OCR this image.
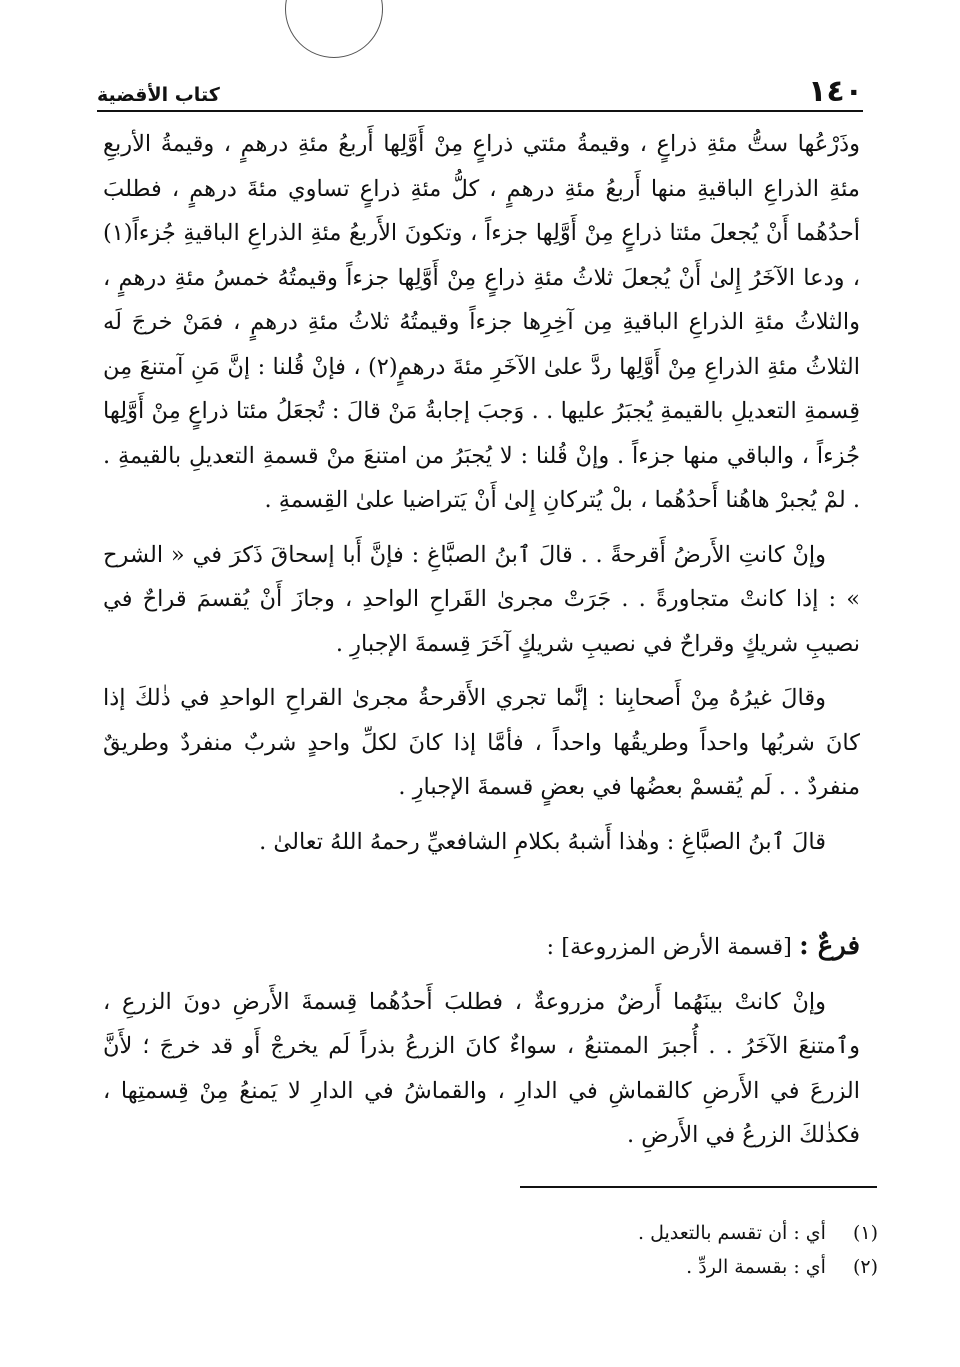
١٤٠
كتاب الأقضية

وذَرْعُها ستُّ مئةِ ذراعٍ ، وقيمةُ مئتي ذراعٍ مِنْ أَوَّلِها أَربعُ مئةِ درهمٍ ، وقيمةُ الأربعِ مئةِ الذراعِ الباقيةِ منها أَربعُ مئةِ درهمٍ ، كلُّ مئةِ ذراعٍ تساوي مئةَ درهمٍ ، فطلبَ أحدُهُما أَنْ يُجعلَ مئتا ذراعٍ مِنْ أَوَّلِها جزءاً ، وتكونَ الأَربعُ مئةِ الذراعِ الباقيةِ جُزءاً(١) ، ودعا الآخَرُ إِلىٰ أَنْ يُجعلَ ثلاثُ مئةِ ذراعٍ مِنْ أَوَّلِها جزءاً وقيمتُهُ خمسُ مئةِ درهمٍ ، والثلاثُ مئةِ الذراعِ الباقيةِ مِن آخِرِها جزءاً وقيمتُهُ ثلاثُ مئةِ درهمٍ ، فمَنْ خرجَ لَه الثلاثُ مئةِ الذراعِ مِنْ أَوَّلِها ردَّ علىٰ الآخَرِ مئةَ درهمٍ(٢) ، فإنْ قُلنا : إنَّ مَنِ آمتنعَ مِن قِسمةِ التعديلِ بالقيمةِ يُجبَرُ عليها . . وَجبَ إجابةُ مَنْ قالَ : تُجعَلُ مئتا ذراعٍ مِنْ أَوَّلِها جُزءاً ، والباقي منها جزءاً . وإنْ قُلنا : لا يُجبَرُ من امتنعَ منْ قسمةِ التعديلِ بالقيمةِ . . لمْ يُجبرْ هاهُنا أَحدُهُما ، بلْ يُتركانِ إِلىٰ أَنْ يَتراضيا علىٰ القِسمةِ .

وإنْ كانتِ الأَرضُ أَقرحةً . . قالَ ٱبنُ الصبَّاغِ : فإنَّ أَبا إسحاقَ ذَكرَ في « الشرح » : إذا كانتْ متجاورةً . . جَرَتْ مجرىٰ القَراحِ الواحدِ ، وجازَ أَنْ يُقسمَ قراحٌ في نصيبِ شريكٍ وقراحٌ في نصيبِ شريكٍ آخَرَ قِسمةَ الإجبارِ .

وقالَ غيرُهُ مِنْ أَصحابِنا : إنَّما تجري الأَقرحةُ مجرىٰ القراحِ الواحدِ في ذٰلكَ إذا كانَ شربُها واحداً وطريقُها واحداً ، فأمَّا إذا كانَ لكلِّ واحدٍ شربٌ منفردٌ وطريقٌ منفردٌ . . لَم يُقسمْ بعضُها في بعضٍ قسمةَ الإجبارِ .

قالَ ٱبنُ الصبَّاغِ : وهٰذا أَشبهُ بكلامِ الشافعيِّ رحمهُ اللهُ تعالىٰ .

فرعٌ : [قسمة الأرض المزروعة] :

وإنْ كانتْ بينَهُما أَرضٌ مزروعةٌ ، فطلبَ أَحدُهُما قِسمةَ الأَرضِ دونَ الزرعِ ، وٱمتنعَ الآخَرُ . . أُجبرَ الممتنعُ ، سواءٌ كانَ الزرعُ بذراً لَم يخرجْ أَو قد خرجَ ؛ لأَنَّ الزرعَ في الأَرضِ كالقماشِ في الدارِ ، والقماشُ في الدارِ لا يَمنعُ مِنْ قِسمتِها ، فكذٰلكَ الزرعُ في الأَرضِ .

(١) أي : أن تقسم بالتعديل .
(٢) أي : بقسمة الردِّ .
